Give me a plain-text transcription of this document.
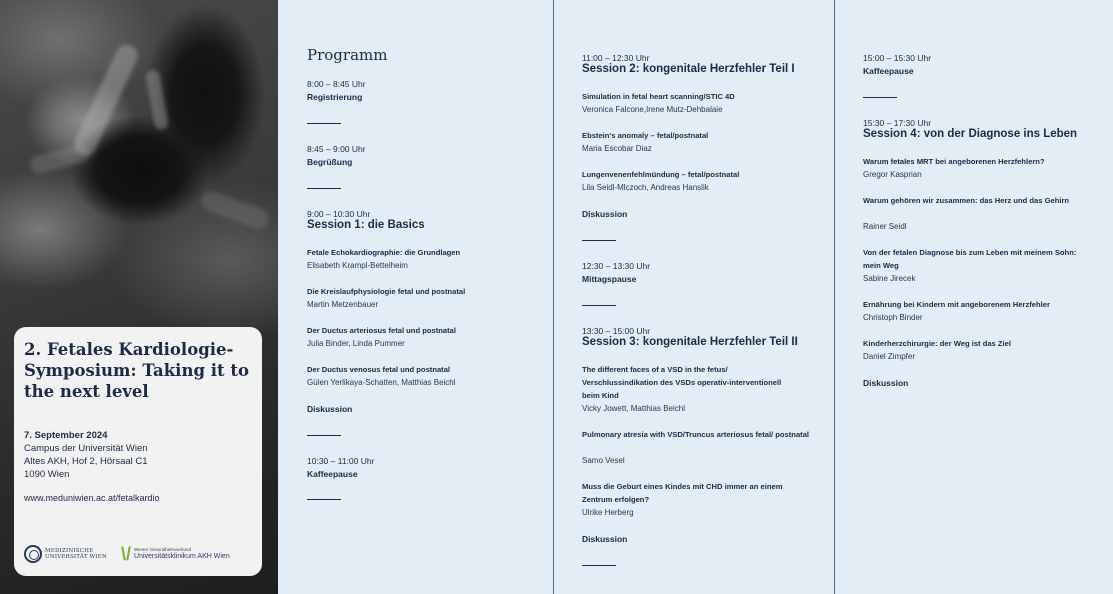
2. Fetales Kardiologie-Symposium: Taking it to the next level
7. September 2024
Campus der Universität Wien
Altes AKH, Hof 2, Hörsaal C1
1090 Wien
www.meduniwien.ac.at/fetalkardio
MEDIZINISCHE
UNIVERSITÄT WIEN \/ Wiener Gesundheitsverbund
Universitätsklinikum AKH Wien
Programm
8:00 – 8:45 Uhr
Registrierung
8:45 – 9:00 Uhr
Begrüßung
9:00 – 10:30 Uhr
Session 1: die Basics
Fetale Echokardiographie: die Grundlagen
Elisabeth Krampl-Bettelheim
Die Kreislaufphysiologie fetal und postnatal
Martin Metzenbauer
Der Ductus arteriosus fetal und postnatal
Julia Binder, Linda Pummer
Der Ductus venosus fetal und postnatal
Gülen Yerlikaya-Schatten, Matthias Beichl
Diskussion
10:30 – 11:00 Uhr
Kaffeepause
11:00 – 12:30 Uhr
Session 2: kongenitale Herzfehler Teil I
Simulation in fetal heart scanning/STIC 4D
Veronica Falcone,Irene Mutz-Dehbalaie
Ebstein's anomaly – fetal/postnatal
Maria Escobar Diaz
Lungenvenenfehlmündung – fetal/postnatal
Lila Seidl-Mlczoch, Andreas Hanslik
Diskussion
12:30 – 13:30 Uhr
Mittagspause
13:30 – 15:00 Uhr
Session 3: kongenitale Herzfehler Teil II
The different faces of a VSD in the fetus/ Verschlussindikation des VSDs operativ-interventionell beim Kind
Vicky Jowett, Matthias Beichl
Pulmonary atresia with VSD/Truncus arteriosus fetal/ postnatal
Samo Vesel
Muss die Geburt eines Kindes mit CHD immer an einem Zentrum erfolgen?
Ulrike Herberg
Diskussion
15:00 – 15:30 Uhr
Kaffeepause
15:30 – 17:30 Uhr
Session 4: von der Diagnose ins Leben
Warum fetales MRT bei angeborenen Herzfehlern?
Gregor Kasprian
Warum gehören wir zusammen: das Herz und das Gehirn
Rainer Seidl
Von der fetalen Diagnose bis zum Leben mit meinem Sohn: mein Weg
Sabine Jirecek
Ernährung bei Kindern mit angeborenem Herzfehler
Christoph Binder
Kinderherzchirurgie: der Weg ist das Ziel
Daniel Zimpfer
Diskussion
